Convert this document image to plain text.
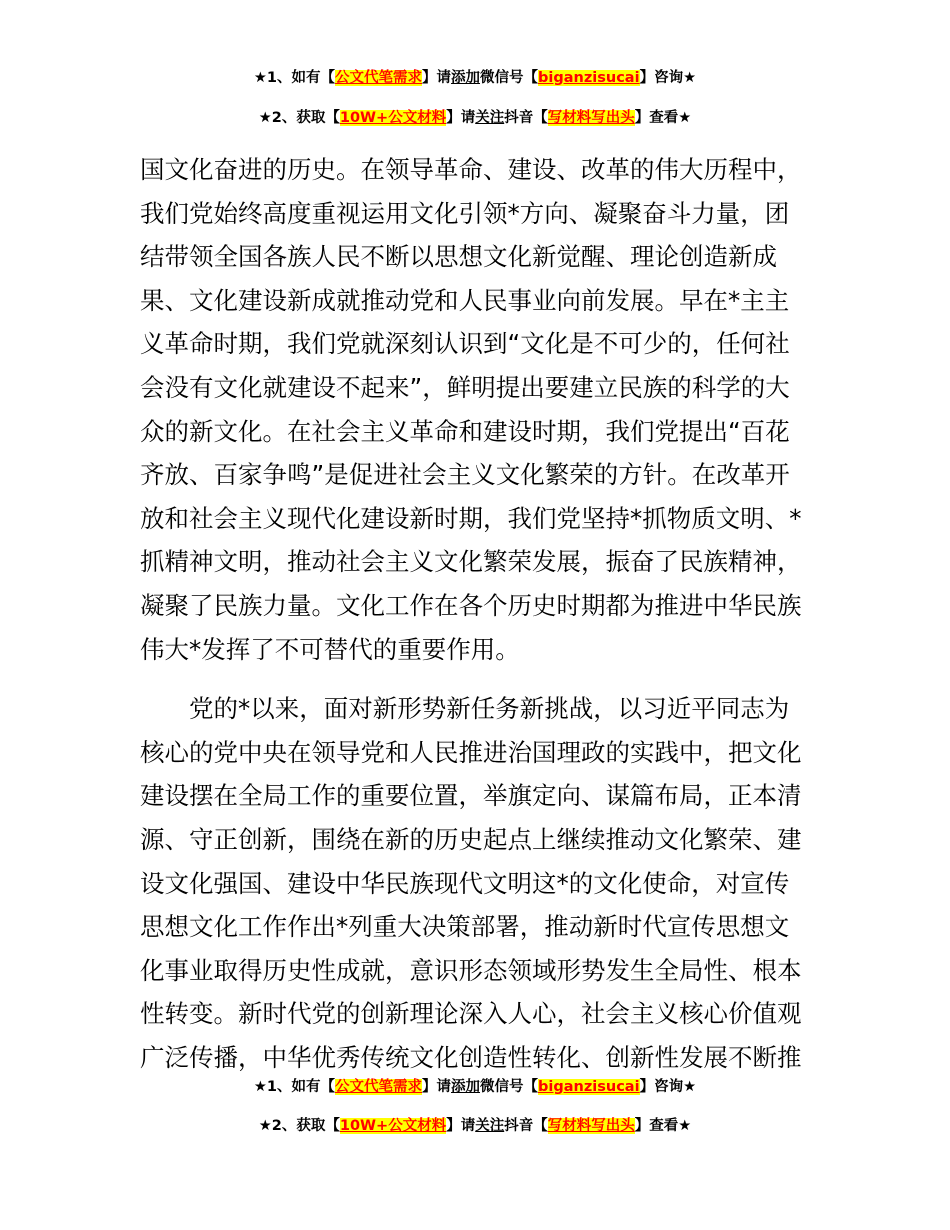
★1、如有【公文代笔需求】请添加微信号【biganzisucai】咨询★
★2、获取【10W+公文材料】请关注抖音【写材料写出头】查看★
国文化奋进的历史。在领导革命、建设、改革的伟大历程中，
我们党始终高度重视运用文化引领*方向、凝聚奋斗力量，团
结带领全国各族人民不断以思想文化新觉醒、理论创造新成
果、文化建设新成就推动党和人民事业向前发展。早在*主主
义革命时期，我们党就深刻认识到“文化是不可少的，任何社
会没有文化就建设不起来”，鲜明提出要建立民族的科学的大
众的新文化。在社会主义革命和建设时期，我们党提出“百花
齐放、百家争鸣”是促进社会主义文化繁荣的方针。在改革开
放和社会主义现代化建设新时期，我们党坚持*抓物质文明、*
抓精神文明，推动社会主义文化繁荣发展，振奋了民族精神，
凝聚了民族力量。文化工作在各个历史时期都为推进中华民族
伟大*发挥了不可替代的重要作用。
　　党的*以来，面对新形势新任务新挑战，以习近平同志为
核心的党中央在领导党和人民推进治国理政的实践中，把文化
建设摆在全局工作的重要位置，举旗定向、谋篇布局，正本清
源、守正创新，围绕在新的历史起点上继续推动文化繁荣、建
设文化强国、建设中华民族现代文明这*的文化使命，对宣传
思想文化工作作出*列重大决策部署，推动新时代宣传思想文
化事业取得历史性成就，意识形态领域形势发生全局性、根本
性转变。新时代党的创新理论深入人心，社会主义核心价值观
广泛传播，中华优秀传统文化创造性转化、创新性发展不断推
★1、如有【公文代笔需求】请添加微信号【biganzisucai】咨询★
★2、获取【10W+公文材料】请关注抖音【写材料写出头】查看★
